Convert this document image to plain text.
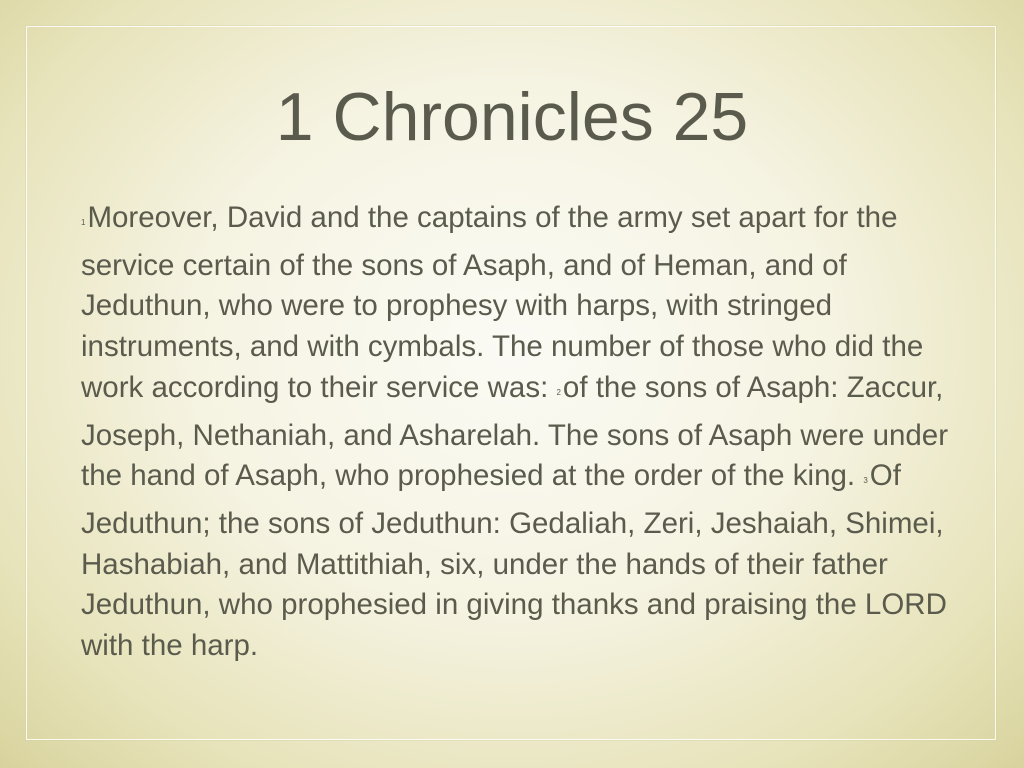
1 Chronicles 25

1Moreover, David and the captains of the army set apart for the service certain of the sons of Asaph, and of Heman, and of Jeduthun, who were to prophesy with harps, with stringed instruments, and with cymbals. The number of those who did the work according to their service was: 2of the sons of Asaph: Zaccur, Joseph, Nethaniah, and Asharelah. The sons of Asaph were under the hand of Asaph, who prophesied at the order of the king. 3Of Jeduthun; the sons of Jeduthun: Gedaliah, Zeri, Jeshaiah, Shimei, Hashabiah, and Mattithiah, six, under the hands of their father Jeduthun, who prophesied in giving thanks and praising the LORD with the harp.
